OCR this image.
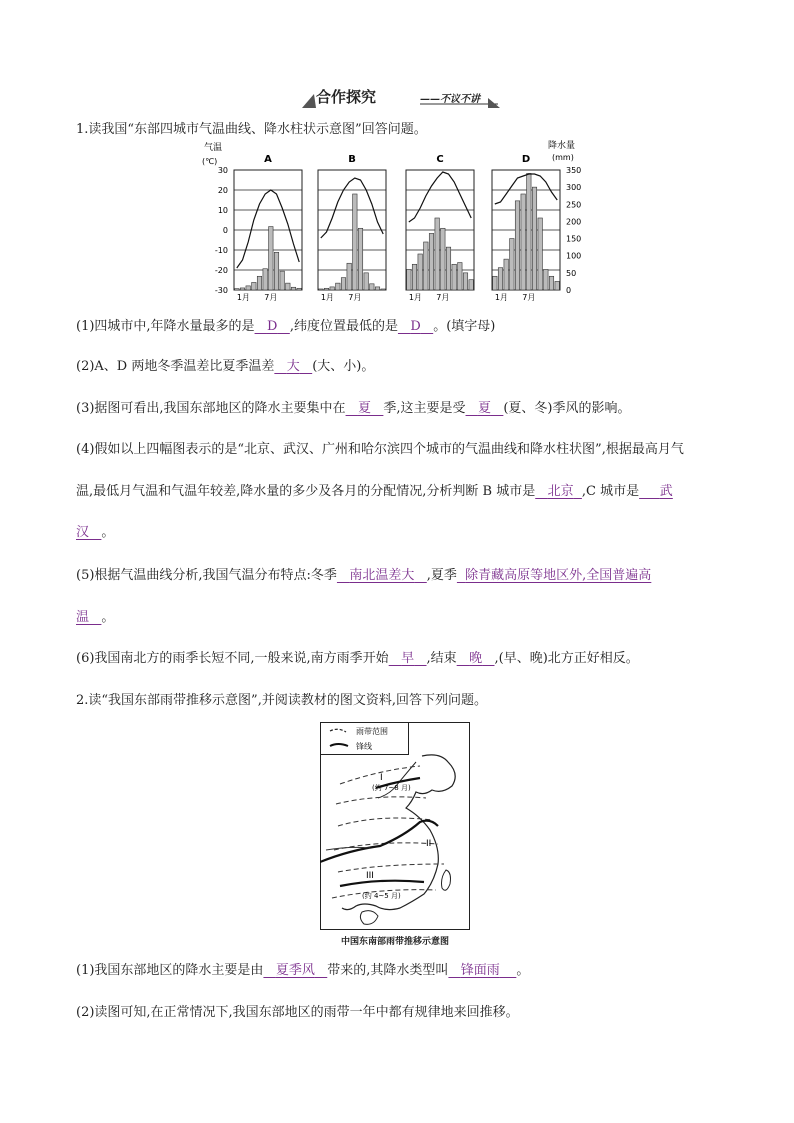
合作探究	——不议不讲
1.读我国“东部四城市气温曲线、降水柱状示意图”回答问题。
气温
(℃)
降水量
(mm)
30
20
10
0
-10
-20
-30
350
300
250
200
150
100
50
0
A
1月 7月
B
1月 7月
C
1月 7月
D
1月 7月
(1)四城市中,年降水量最多的是 D ,纬度位置最低的是 D 。(填字母)
(2)A、D 两地冬季温差比夏季温差 大 (大、小)。
(3)据图可看出,我国东部地区的降水主要集中在 夏 季,这主要是受 夏 (夏、冬)季风的影响。
(4)假如以上四幅图表示的是“北京、武汉、广州和哈尔滨四个城市的气温曲线和降水柱状图”,根据最高月气
温,最低月气温和气温年较差,降水量的多少及各月的分配情况,分析判断 B 城市是 北京 ,C 城市是 武
汉 。
(5)根据气温曲线分析,我国气温分布特点:冬季 南北温差大 ,夏季 除青藏高原等地区外,全国普遍高
温 。
(6)我国南北方的雨季长短不同,一般来说,南方雨季开始 早 ,结束 晚 ,(早、晚)北方正好相反。
2.读“我国东部雨带推移示意图”,并阅读教材的图文资料,回答下列问题。
雨带范围
锋线
I
(约 7~8 月)
II
III
(约 4~5 月)
中国东南部雨带推移示意图
(1)我国东部地区的降水主要是由 夏季风 带来的,其降水类型叫 锋面雨 。
(2)读图可知,在正常情况下,我国东部地区的雨带一年中都有规律地来回推移。
